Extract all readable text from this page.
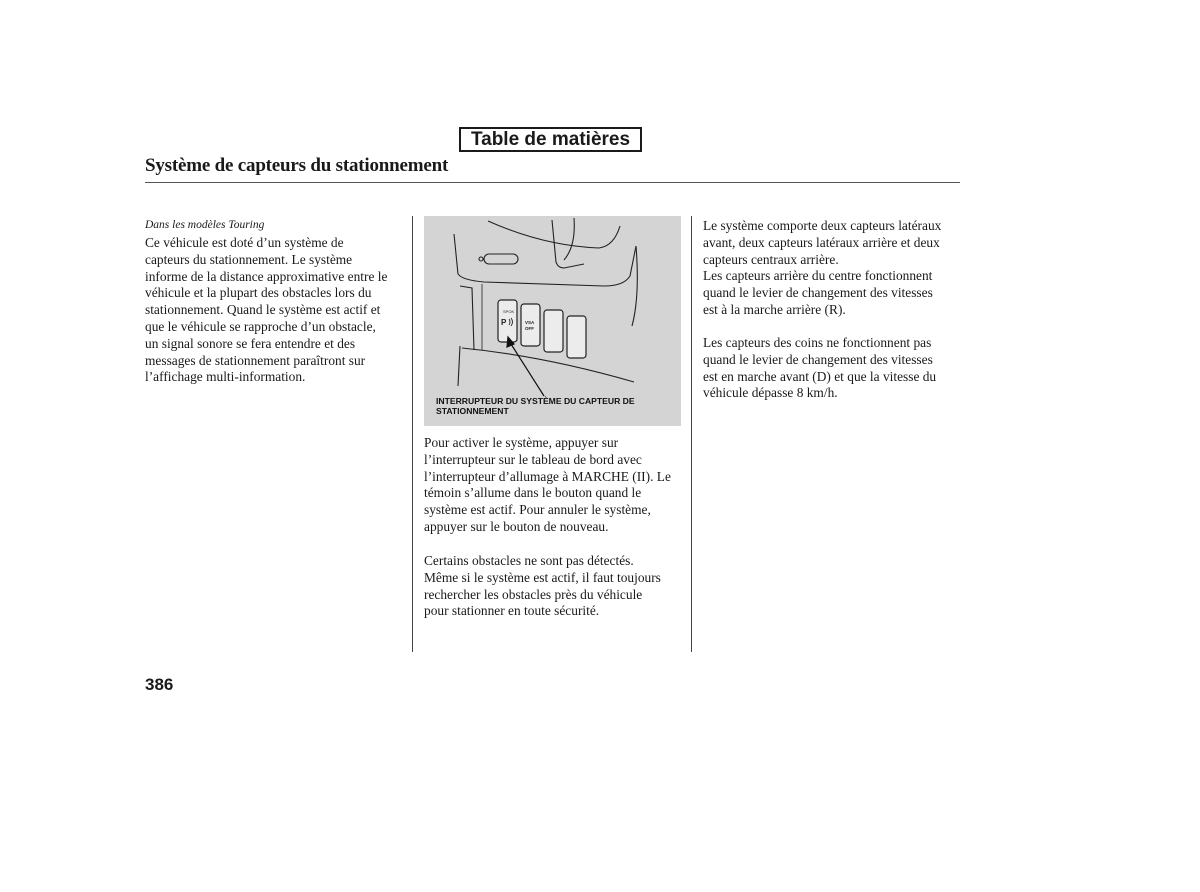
Table de matières
Système de capteurs du stationnement
Dans les modèles Touring
Ce véhicule est doté d’un système de
capteurs du stationnement. Le système
informe de la distance approximative entre le
véhicule et la plupart des obstacles lors du
stationnement. Quand le système est actif et
que le véhicule se rapproche d’un obstacle,
un signal sonore se fera entendre et des
messages de stationnement paraîtront sur
l’affichage multi-information.
SPOK
P	VSA
OFF
INTERRUPTEUR DU SYSTÈME DU CAPTEUR DE
STATIONNEMENT
Pour activer le système, appuyer sur
l’interrupteur sur le tableau de bord avec
l’interrupteur d’allumage à MARCHE (II). Le
témoin s’allume dans le bouton quand le
système est actif. Pour annuler le système,
appuyer sur le bouton de nouveau.
Certains obstacles ne sont pas détectés.
Même si le système est actif, il faut toujours
rechercher les obstacles près du véhicule
pour stationner en toute sécurité.
Le système comporte deux capteurs latéraux
avant, deux capteurs latéraux arrière et deux
capteurs centraux arrière.
Les capteurs arrière du centre fonctionnent
quand le levier de changement des vitesses
est à la marche arrière (R).
Les capteurs des coins ne fonctionnent pas
quand le levier de changement des vitesses
est en marche avant (D) et que la vitesse du
véhicule dépasse 8 km/h.
386
